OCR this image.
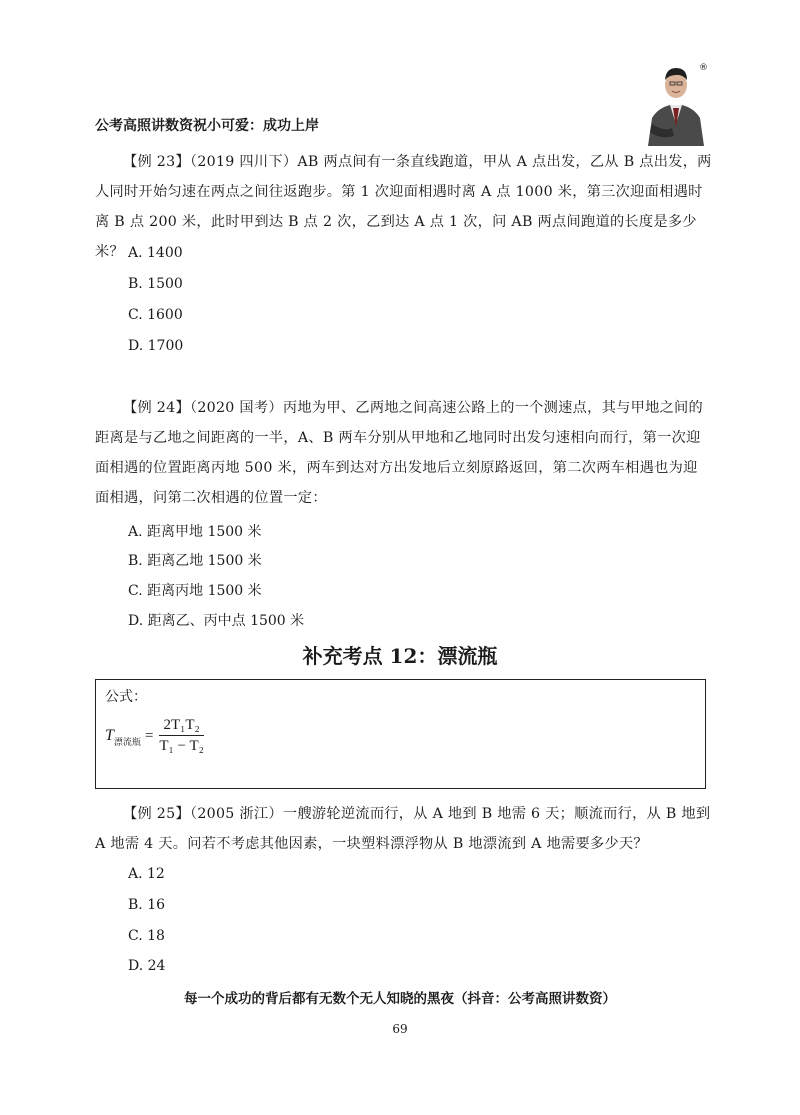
公考高照讲数资祝小可爱：成功上岸
®
【例 23】（2019 四川下）AB 两点间有一条直线跑道，甲从 A 点出发，乙从 B 点出发，两
人同时开始匀速在两点之间往返跑步。第 1 次迎面相遇时离 A 点 1000 米，第三次迎面相遇时
离 B 点 200 米，此时甲到达 B 点 2 次，乙到达 A 点 1 次，问 AB 两点间跑道的长度是多少米？ A. 1400
B. 1500
C. 1600
D. 1700
【例 24】（2020 国考）丙地为甲、乙两地之间高速公路上的一个测速点，其与甲地之间的
距离是与乙地之间距离的一半，A、B 两车分别从甲地和乙地同时出发匀速相向而行，第一次迎
面相遇的位置距离丙地 500 米，两车到达对方出发地后立刻原路返回，第二次两车相遇也为迎
面相遇，问第二次相遇的位置一定：
A. 距离甲地 1500 米
B. 距离乙地 1500 米
C. 距离丙地 1500 米
D. 距离乙、丙中点 1500 米
补充考点 12：漂流瓶
公式：
T 漂流瓶 = $\frac{\text{2T₁T₂}}{\text{T₁ − T₂}}$
【例 25】（2005 浙江）一艘游轮逆流而行，从 A 地到 B 地需 6 天；顺流而行，从 B 地到
A 地需 4 天。问若不考虑其他因素，一块塑料漂浮物从 B 地漂流到 A 地需要多少天？
A. 12
B. 16
C. 18
D. 24
每一个成功的背后都有无数个无人知晓的黑夜（抖音：公考高照讲数资）
69
